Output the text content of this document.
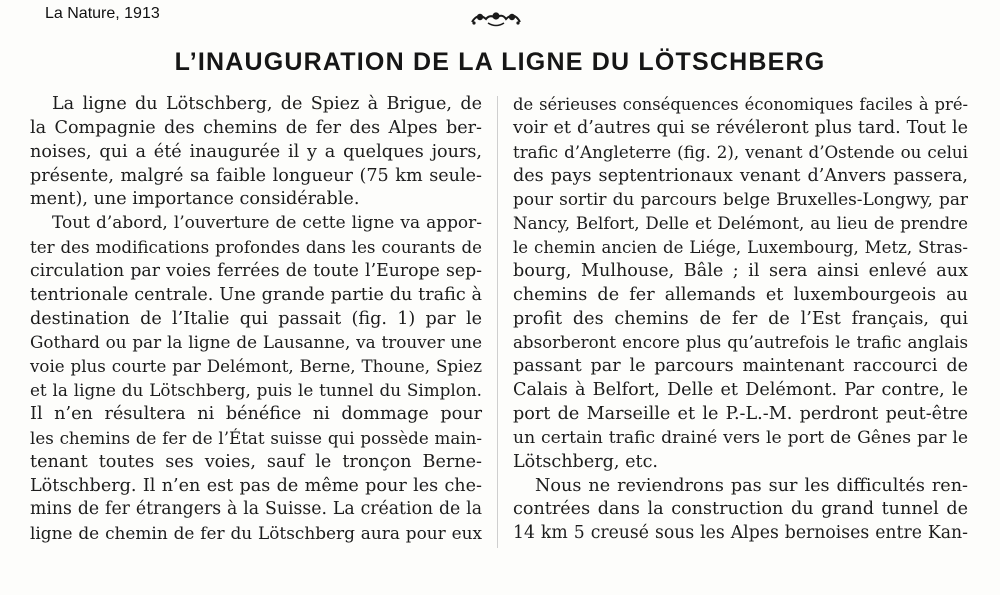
La Nature, 1913
L’INAUGURATION DE LA LIGNE DU LÖTSCHBERG
La ligne du Lötschberg, de Spiez à Brigue, de
la Compagnie des chemins de fer des Alpes ber-
noises, qui a été inaugurée il y a quelques jours,
présente, malgré sa faible longueur (75 km seule-
ment), une importance considérable.
Tout d’abord, l’ouverture de cette ligne va appor-
ter des modifications profondes dans les courants de
circulation par voies ferrées de toute l’Europe sep-
tentrionale centrale. Une grande partie du trafic à
destination de l’Italie qui passait (fig. 1) par le
Gothard ou par la ligne de Lausanne, va trouver une
voie plus courte par Delémont, Berne, Thoune, Spiez
et la ligne du Lötschberg, puis le tunnel du Simplon.
Il n’en résultera ni bénéfice ni dommage pour
les chemins de fer de l’État suisse qui possède main-
tenant toutes ses voies, sauf le tronçon Berne-
Lötschberg. Il n’en est pas de même pour les che-
mins de fer étrangers à la Suisse. La création de la
ligne de chemin de fer du Lötschberg aura pour eux
de sérieuses conséquences économiques faciles à pré-
voir et d’autres qui se révéleront plus tard. Tout le
trafic d’Angleterre (fig. 2), venant d’Ostende ou celui
des pays septentrionaux venant d’Anvers passera,
pour sortir du parcours belge Bruxelles-Longwy, par
Nancy, Belfort, Delle et Delémont, au lieu de prendre
le chemin ancien de Liége, Luxembourg, Metz, Stras-
bourg, Mulhouse, Bâle ; il sera ainsi enlevé aux
chemins de fer allemands et luxembourgeois au
profit des chemins de fer de l’Est français, qui
absorberont encore plus qu’autrefois le trafic anglais
passant par le parcours maintenant raccourci de
Calais à Belfort, Delle et Delémont. Par contre, le
port de Marseille et le P.-L.-M. perdront peut-être
un certain trafic drainé vers le port de Gênes par le
Lötschberg, etc.
Nous ne reviendrons pas sur les difficultés ren-
contrées dans la construction du grand tunnel de
14 km 5 creusé sous les Alpes bernoises entre Kan-
